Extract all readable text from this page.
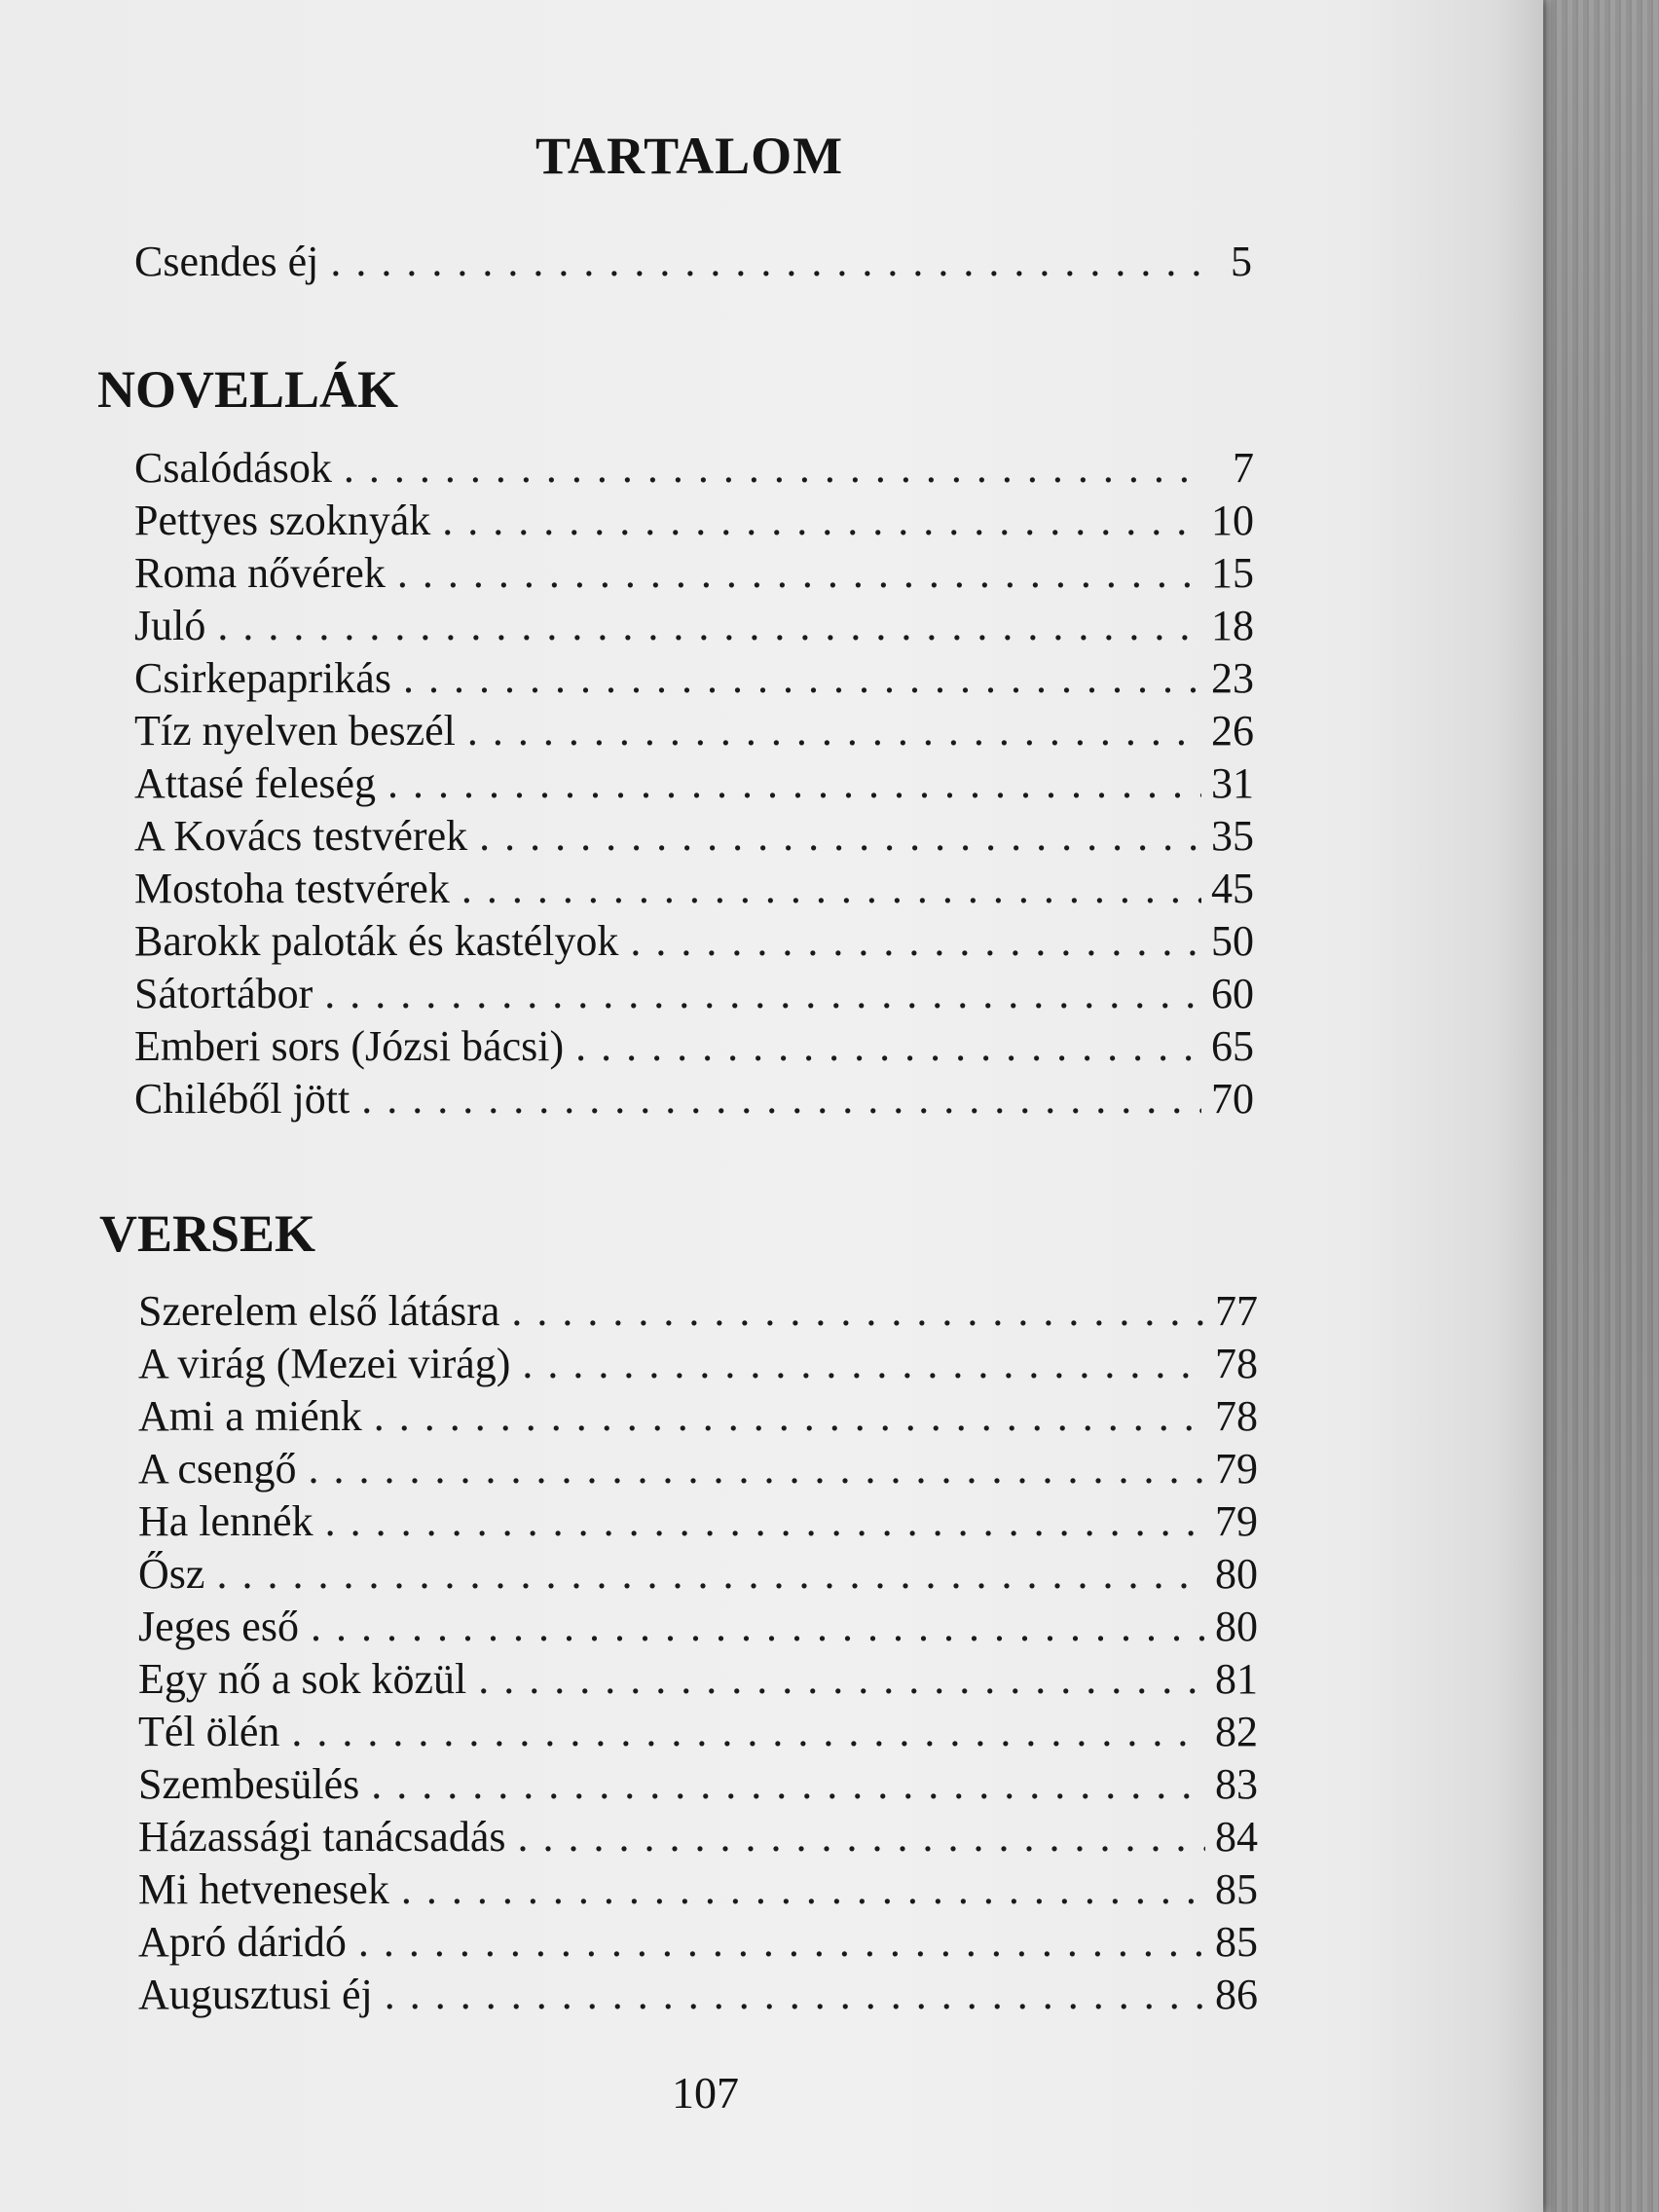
TARTALOM
Csendes éj . . .	5
NOVELLÁK
Csalódások . . .	7
Pettyes szoknyák . . .	10
Roma nővérek . . .	15
Juló . . .	18
Csirkepaprikás . . .	23
Tíz nyelven beszél . . .	26
Attasé feleség . . .	31
A Kovács testvérek . . .	35
Mostoha testvérek . . .	45
Barokk paloták és kastélyok . . .	50
Sátortábor . . .	60
Emberi sors (Józsi bácsi) . . .	65
Chiléből jött . . .	70
VERSEK
Szerelem első látásra . . .	77
A virág (Mezei virág) . . .	78
Ami a miénk . . .	78
A csengő . . .	79
Ha lennék . . .	79
Ősz . . .	80
Jeges eső . . .	80
Egy nő a sok közül . . .	81
Tél ölén . . .	82
Szembesülés . . .	83
Házassági tanácsadás . . .	84
Mi hetvenesek . . .	85
Apró dáridó . . .	85
Augusztusi éj . . .	86
107
